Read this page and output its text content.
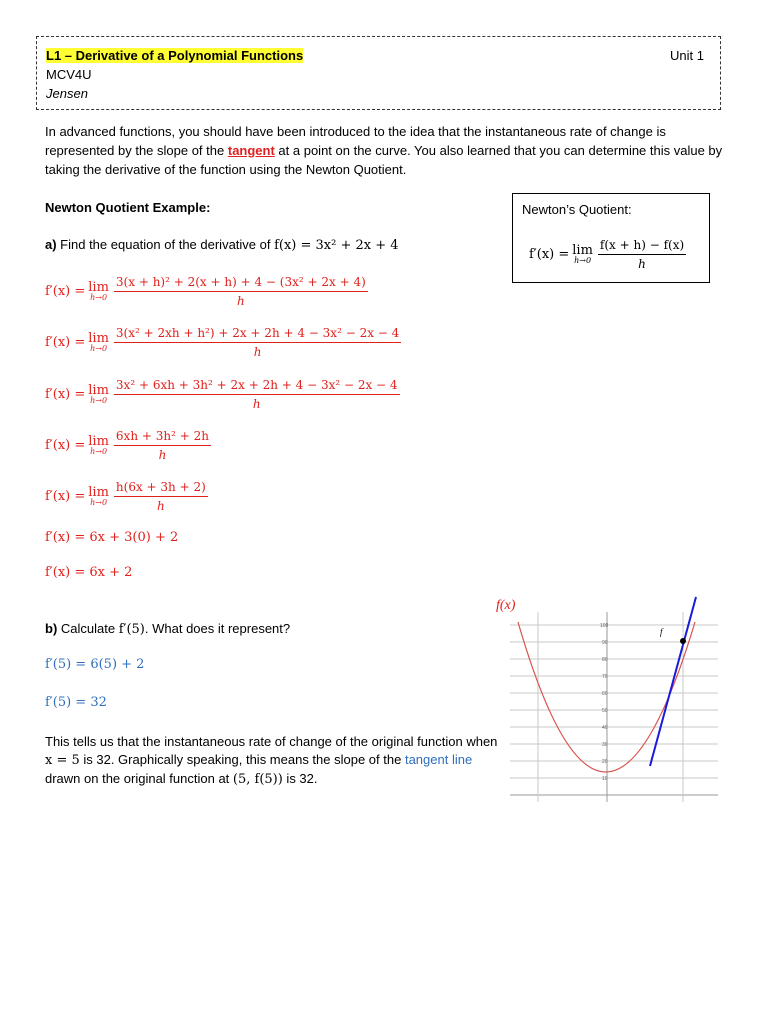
L1 – Derivative of a Polynomial Functions	Unit 1
MCV4U
Jensen
In advanced functions, you should have been introduced to the idea that the instantaneous rate of change is represented by the slope of the tangent at a point on the curve. You also learned that you can determine this value by taking the derivative of the function using the Newton Quotient.
Newton Quotient Example:	Newton’s Quotient:
f′(x) = lim
$h\to 0 \frac{f(x + h) - f(x)}{h}$
a) Find the equation of the derivative of f(x) = 3x² + 2x + 4
f′(x) = lim
$h\to 0 \frac{\text{3(x + h)² + 2(x + h) + 4 − (3x² + 2x + 4)}}{h}$
f′(x) = lim
$h\to 0 \frac{\text{3(x² + 2xh + h²) + 2x + 2h + 4 − 3x² − 2x − 4}}{h}$
f′(x) = lim
$h\to 0 \frac{\text{3x² + 6xh + 3h² + 2x + 2h + 4 − 3x² − 2x − 4}}{h}$
f′(x) = lim
$h\to 0 \frac{\text{6xh + 3h² + 2h}}{h}$
f′(x) = lim
$h\to 0 \frac{h(6x + 3h + 2)}{h}$
f′(x) = 6x + 3(0) + 2
f′(x) = 6x + 2
b) Calculate f′(5). What does it represent?
f′(5) = 6(5) + 2
f′(5) = 32
This tells us that the instantaneous rate of change of the original function when x = 5 is 32. Graphically speaking, this means the slope of the tangent line drawn on the original function at (5, f(5)) is 32.
100
90
80
70
60
50
40
30
20
10
f(x)
f
